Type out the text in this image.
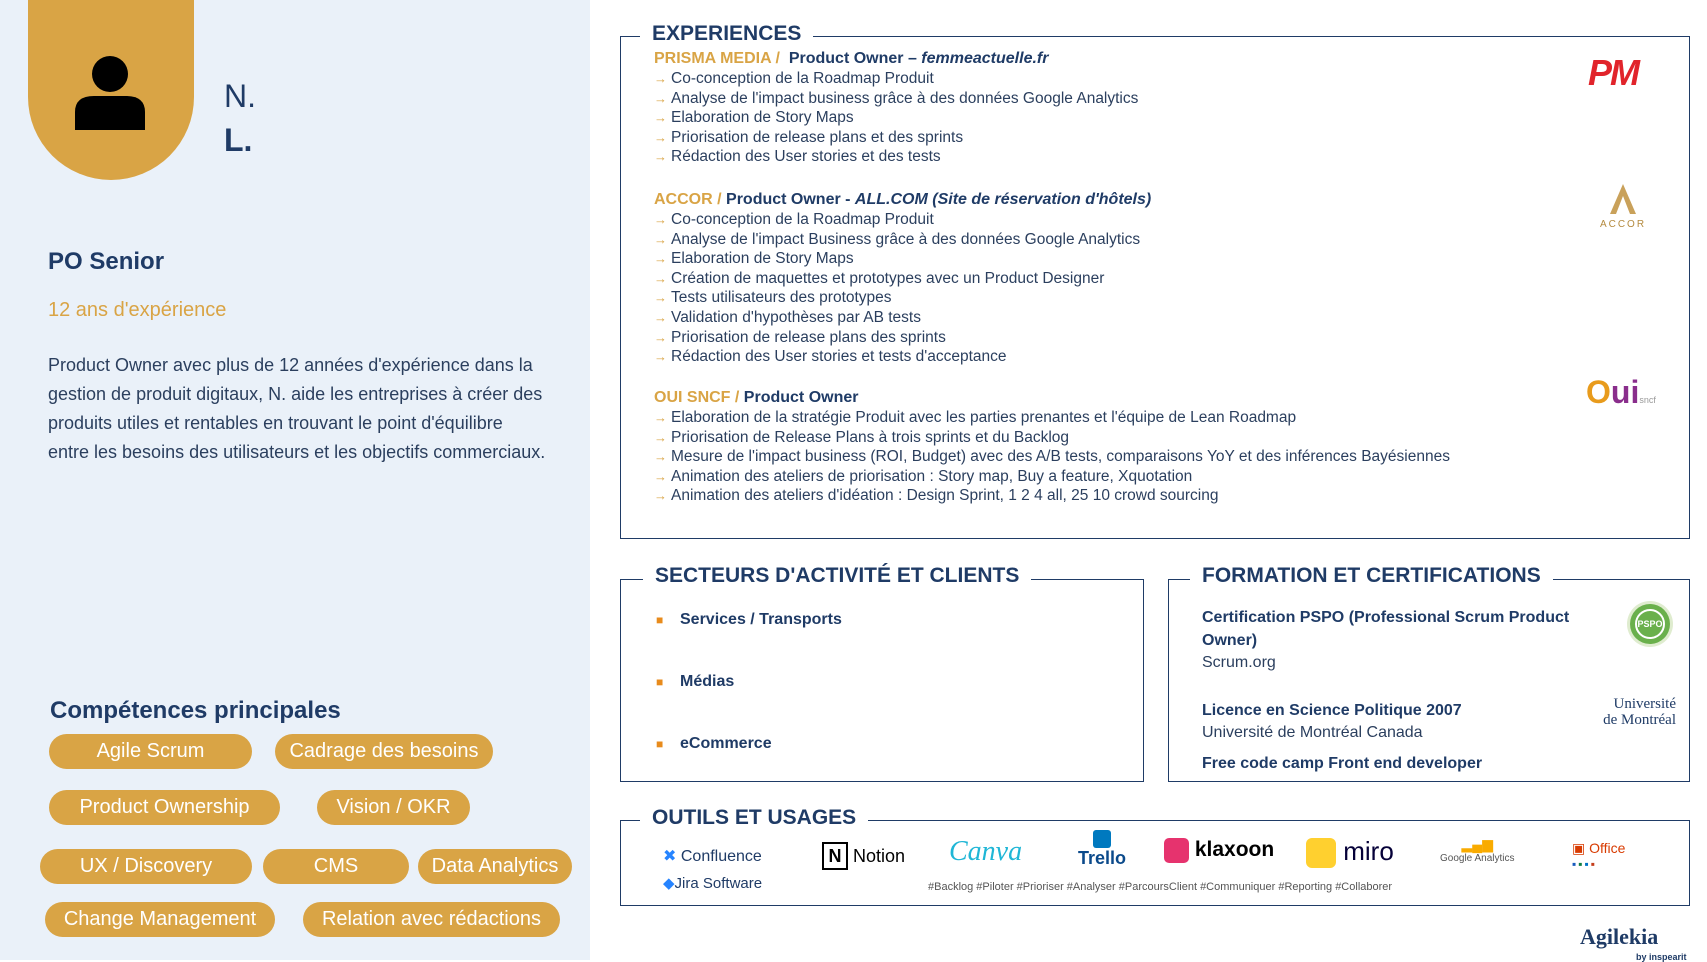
N.
L.
PO Senior
12 ans d'expérience
Product Owner avec plus de 12 années d'expérience dans la gestion de produit digitaux, N. aide les entreprises à créer des produits utiles et rentables en trouvant le point d'équilibre entre les besoins des utilisateurs et les objectifs commerciaux.
Compétences principales
Agile Scrum	Cadrage des besoins
Product Ownership	Vision / OKR
UX / Discovery	CMS	Data Analytics
Change Management	Relation avec rédactions
EXPERIENCES
PRISMA MEDIA / Product Owner – femmeactuelle.fr
→ Co-conception de la Roadmap Produit
→ Analyse de l'impact business grâce à des données Google Analytics
→ Elaboration de Story Maps
→ Priorisation de release plans et des sprints
→ Rédaction des User stories et des tests
PM
ACCOR / Product Owner - ALL.COM (Site de réservation d'hôtels)
→ Co-conception de la Roadmap Produit
→ Analyse de l'impact Business grâce à des données Google Analytics
→ Elaboration de Story Maps
→ Création de maquettes et prototypes avec un Product Designer
→ Tests utilisateurs des prototypes
→ Validation d'hypothèses par AB tests
→ Priorisation de release plans des sprints
→ Rédaction des User stories et tests d'acceptance
ACCOR
OUI SNCF / Product Owner
→ Elaboration de la stratégie Produit avec les parties prenantes et l'équipe de Lean Roadmap
→ Priorisation de Release Plans à trois sprints et du Backlog
→ Mesure de l'impact business (ROI, Budget) avec des A/B tests, comparaisons YoY et des inférences Bayésiennes
→ Animation des ateliers de priorisation : Story map, Buy a feature, Xquotation
→ Animation des ateliers d'idéation : Design Sprint, 1 2 4 all, 25 10 crowd sourcing
Ouisncf
SECTEURS D'ACTIVITÉ ET CLIENTS
■ Services / Transports
■ Médias
■ eCommerce
FORMATION ET CERTIFICATIONS
Certification PSPO (Professional Scrum Product Owner)
Scrum.org
PSPO
Licence en Science Politique 2007
Université de Montréal Canada
Université
de Montréal
Free code camp Front end developer
OUTILS ET USAGES
✖ Confluence
◆Jira Software
N Notion Canva	Trello	klaxoon	miro	▂▄▆
Google Analytics
▣ Office
▪▪▪▪
#Backlog #Piloter #Prioriser #Analyser #ParcoursClient #Communiquer #Reporting #Collaborer
Agilekia
by inspearit
